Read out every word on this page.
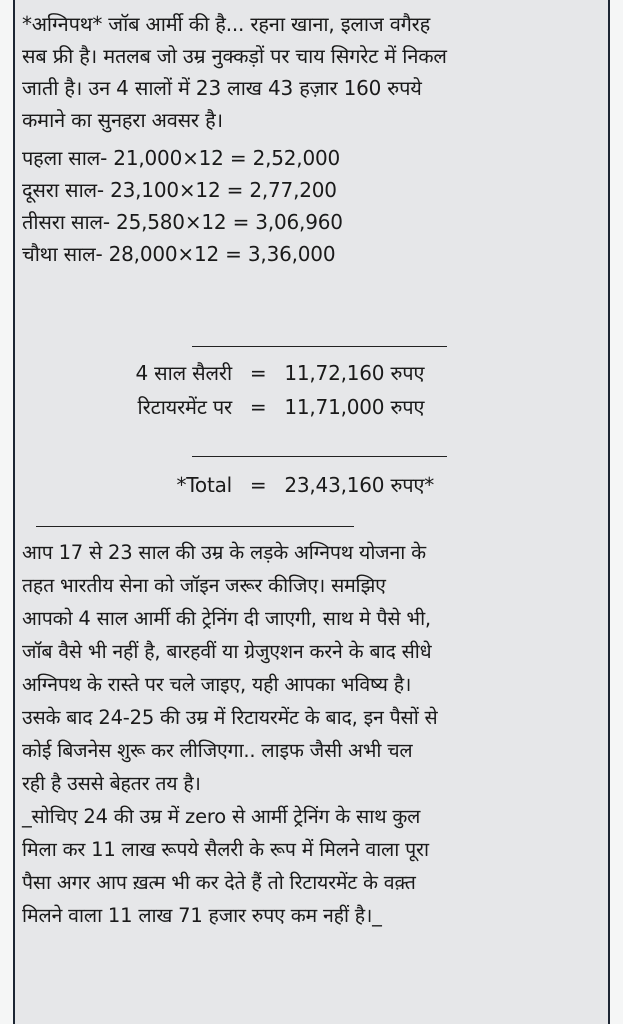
*अग्निपथ* जॉब आर्मी की है... रहना खाना, इलाज वगैरह
सब फ्री है। मतलब जो उम्र नुक्कड़ों पर चाय सिगरेट में निकल
जाती है। उन 4 सालों में 23 लाख 43 हज़ार 160 रुपये
कमाने का सुनहरा अवसर है।
पहला साल- 21,000×12 = 2,52,000
दूसरा साल- 23,100×12 = 2,77,200
तीसरा साल- 25,580×12 = 3,06,960
चौथा साल- 28,000×12 = 3,36,000
4 साल सैलरी = 11,72,160 रुपए
रिटायरमेंट पर = 11,71,000 रुपए
*Total = 23,43,160 रुपए*
आप 17 से 23 साल की उम्र के लड़के अग्निपथ योजना के
तहत भारतीय सेना को जॉइन जरूर कीजिए। समझिए
आपको 4 साल आर्मी की ट्रेनिंग दी जाएगी, साथ मे पैसे भी,
जॉब वैसे भी नहीं है, बारहवीं या ग्रेजुएशन करने के बाद सीधे
अग्निपथ के रास्ते पर चले जाइए, यही आपका भविष्य है।
उसके बाद 24-25 की उम्र में रिटायरमेंट के बाद, इन पैसों से
कोई बिजनेस शुरू कर लीजिएगा.. लाइफ जैसी अभी चल
रही है उससे बेहतर तय है।
_सोचिए 24 की उम्र में zero से आर्मी ट्रेनिंग के साथ कुल
मिला कर 11 लाख रूपये सैलरी के रूप में मिलने वाला पूरा
पैसा अगर आप ख़त्म भी कर देते हैं तो रिटायरमेंट के वक़्त
मिलने वाला 11 लाख 71 हजार रुपए कम नहीं है।_
